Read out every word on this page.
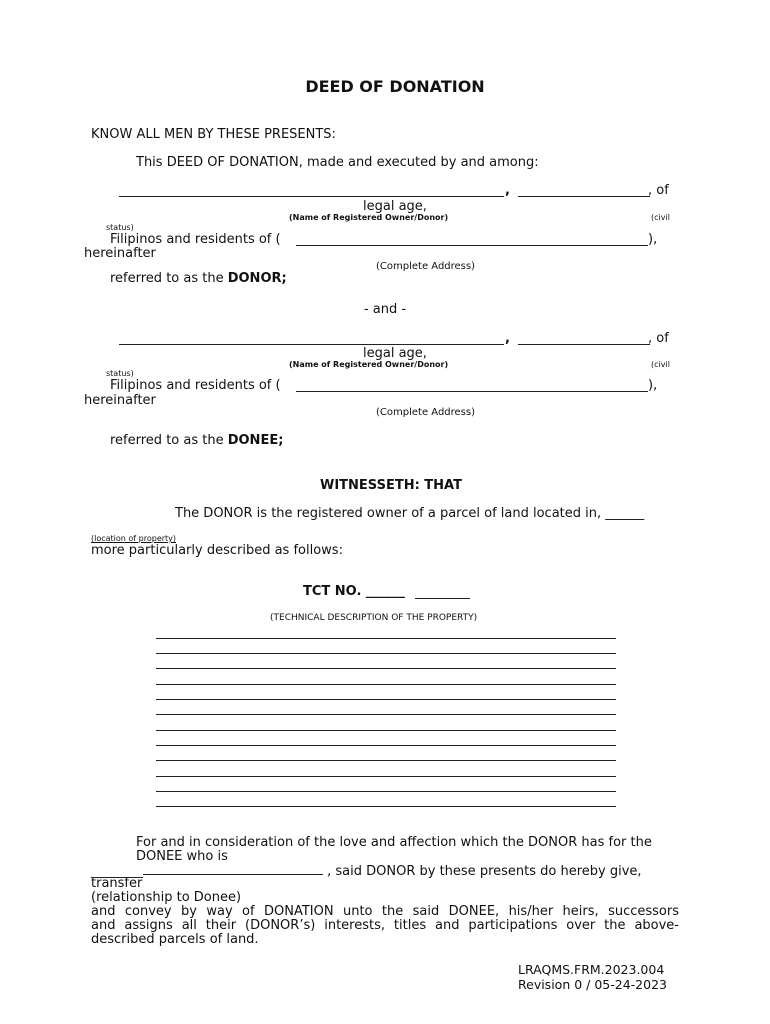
DEED OF DONATION
KNOW ALL MEN BY THESE PRESENTS:
This DEED OF DONATION, made and executed by and among:
,	, of
legal age,
(Name of Registered Owner/Donor)	(civil
status)
Filipinos and residents of (	),
hereinafter
(Complete Address)
referred to as the DONOR;
- and -
,	, of
legal age,
(Name of Registered Owner/Donor)	(civil
status)
Filipinos and residents of (	),
hereinafter
(Complete Address)
referred to as the DONEE;
WITNESSETH: THAT
The DONOR is the registered owner of a parcel of land located in, ______
(location of property)
more particularly described as follows:
TCT NO. ______
(TECHNICAL DESCRIPTION OF THE PROPERTY)
For and in consideration of the love and affection which the DONOR has for the
DONEE who is
________	, said DONOR by these presents do hereby give,
transfer
(relationship to Donee)
and convey by way of DONATION unto the said DONEE, his/her heirs, successors
and assigns all their (DONOR’s) interests, titles and participations over the above-
described parcels of land.
LRAQMS.FRM.2023.004
Revision 0 / 05-24-2023
